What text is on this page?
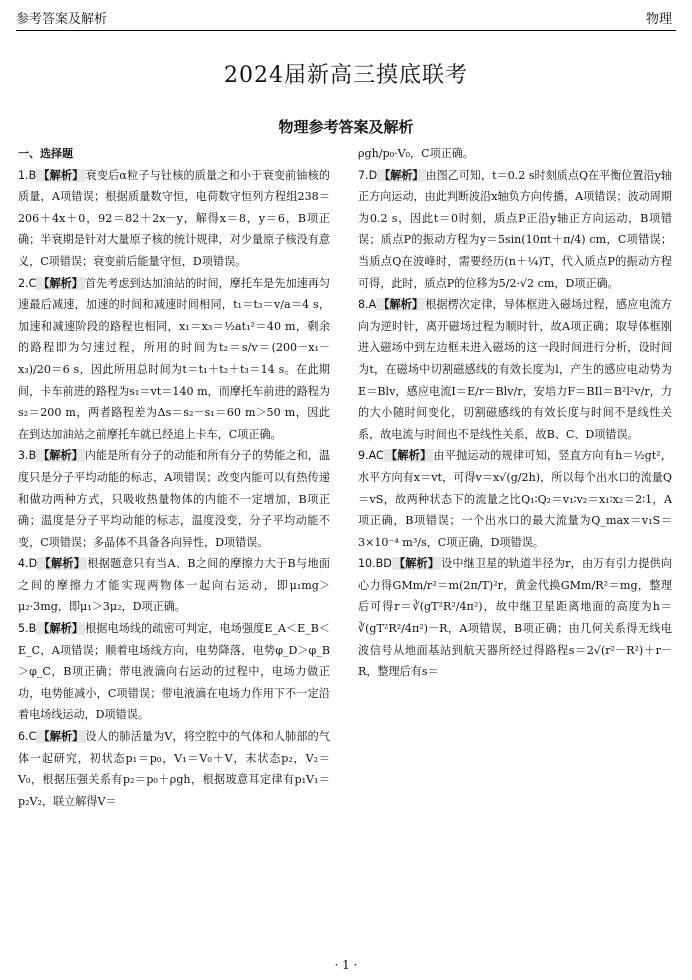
参考答案及解析	物理
2024届新高三摸底联考
物理参考答案及解析
一、选择题

1.B 【解析】 衰变后α粒子与钍核的质量之和小于衰变前铀核的质量，A项错误；根据质量数守恒，电荷数守恒列方程组238＝206＋4x＋0，92＝82＋2x－y，解得x＝8，y＝6，B项正确；半衰期是针对大量原子核的统计规律，对少量原子核没有意义，C项错误；衰变前后能量守恒，D项错误。

2.C 【解析】 首先考虑到达加油站的时间，摩托车是先加速再匀速最后减速，加速的时间和减速时间相同，t₁＝t₃＝v/a＝4 s，加速和减速阶段的路程也相同，x₁＝x₃＝½at₁²＝40 m，剩余的路程即为匀速过程，所用的时间为t₂＝s/v＝(200－x₁－x₃)/20＝6 s，因此所用总时间为t＝t₁＋t₂＋t₃＝14 s。在此期间，卡车前进的路程为s₁＝vt＝140 m，而摩托车前进的路程为s₂＝200 m，两者路程差为Δs＝s₂－s₁＝60 m＞50 m，因此在到达加油站之前摩托车就已经追上卡车，C项正确。

3.B 【解析】 内能是所有分子的动能和所有分子的势能之和，温度只是分子平均动能的标志，A项错误；改变内能可以有热传递和做功两种方式，只吸收热量物体的内能不一定增加，B项正确；温度是分子平均动能的标志，温度没变，分子平均动能不变，C项错误；多晶体不具备各向异性，D项错误。

4.D 【解析】 根据题意只有当A、B之间的摩擦力大于B与地面之间的摩擦力才能实现两物体一起向右运动，即μ₁mg＞μ₂·3mg，即μ₁＞3μ₂，D项正确。

5.B 【解析】 根据电场线的疏密可判定，电场强度E_A＜E_B＜E_C，A项错误；顺着电场线方向，电势降落，电势φ_D＞φ_B＞φ_C，B项正确；带电液滴向右运动的过程中，电场力做正功，电势能减小，C项错误；带电液滴在电场力作用下不一定沿着电场线运动，D项错误。

6.C 【解析】 设人的肺活量为V，将空腔中的气体和人肺部的气体一起研究，初状态p₁＝p₀，V₁＝V₀＋V，末状态p₂，V₂＝V₀，根据压强关系有p₂＝p₀＋ρgh，根据玻意耳定律有p₁V₁＝p₂V₂，联立解得V＝

ρgh/p₀·V₀，C项正确。

7.D 【解析】 由图乙可知，t＝0.2 s时刻质点Q在平衡位置沿y轴正方向运动，由此判断波沿x轴负方向传播，A项错误；波动周期为0.2 s，因此t＝0时刻，质点P正沿y轴正方向运动，B项错误；质点P的振动方程为y＝5sin(10πt＋π/4) cm，C项错误；当质点Q在波峰时，需要经历(n＋¼)T，代入质点P的振动方程可得，此时，质点P的位移为5/2·√2 cm，D项正确。

8.A 【解析】 根据楞次定律，导体框进入磁场过程，感应电流方向为逆时针，离开磁场过程为顺时针，故A项正确；取导体框刚进入磁场中到左边框未进入磁场的这一段时间进行分析，设时间为t，在磁场中切割磁感线的有效长度为l，产生的感应电动势为E＝Blv，感应电流I＝E/r＝Blv/r，安培力F＝BIl＝B²l²v/r，力的大小随时间变化，切割磁感线的有效长度与时间不是线性关系，故电流与时间也不是线性关系，故B、C、D项错误。

9.AC 【解析】 由平抛运动的规律可知，竖直方向有h＝½gt²，水平方向有x＝vt，可得v＝x√(g/2h)，所以每个出水口的流量Q＝vS，故两种状态下的流量之比Q₁∶Q₂＝v₁∶v₂＝x₁∶x₂＝2∶1，A项正确，B项错误；一个出水口的最大流量为Q_max＝v₁S＝3×10⁻⁴ m³/s，C项正确，D项错误。

10.BD 【解析】 设中继卫星的轨道半径为r，由万有引力提供向心力得GMm/r²＝m(2π/T)²r，黄金代换GMm/R²＝mg，整理后可得r＝∛(gT²R²/4π²)，故中继卫星距离地面的高度为h＝∛(gT²R²/4π²)－R，A项错误，B项正确；由几何关系得无线电波信号从地面基站到航天器所经过得路程s＝2√(r²－R²)＋r－R，整理后有s＝

· 1 ·
